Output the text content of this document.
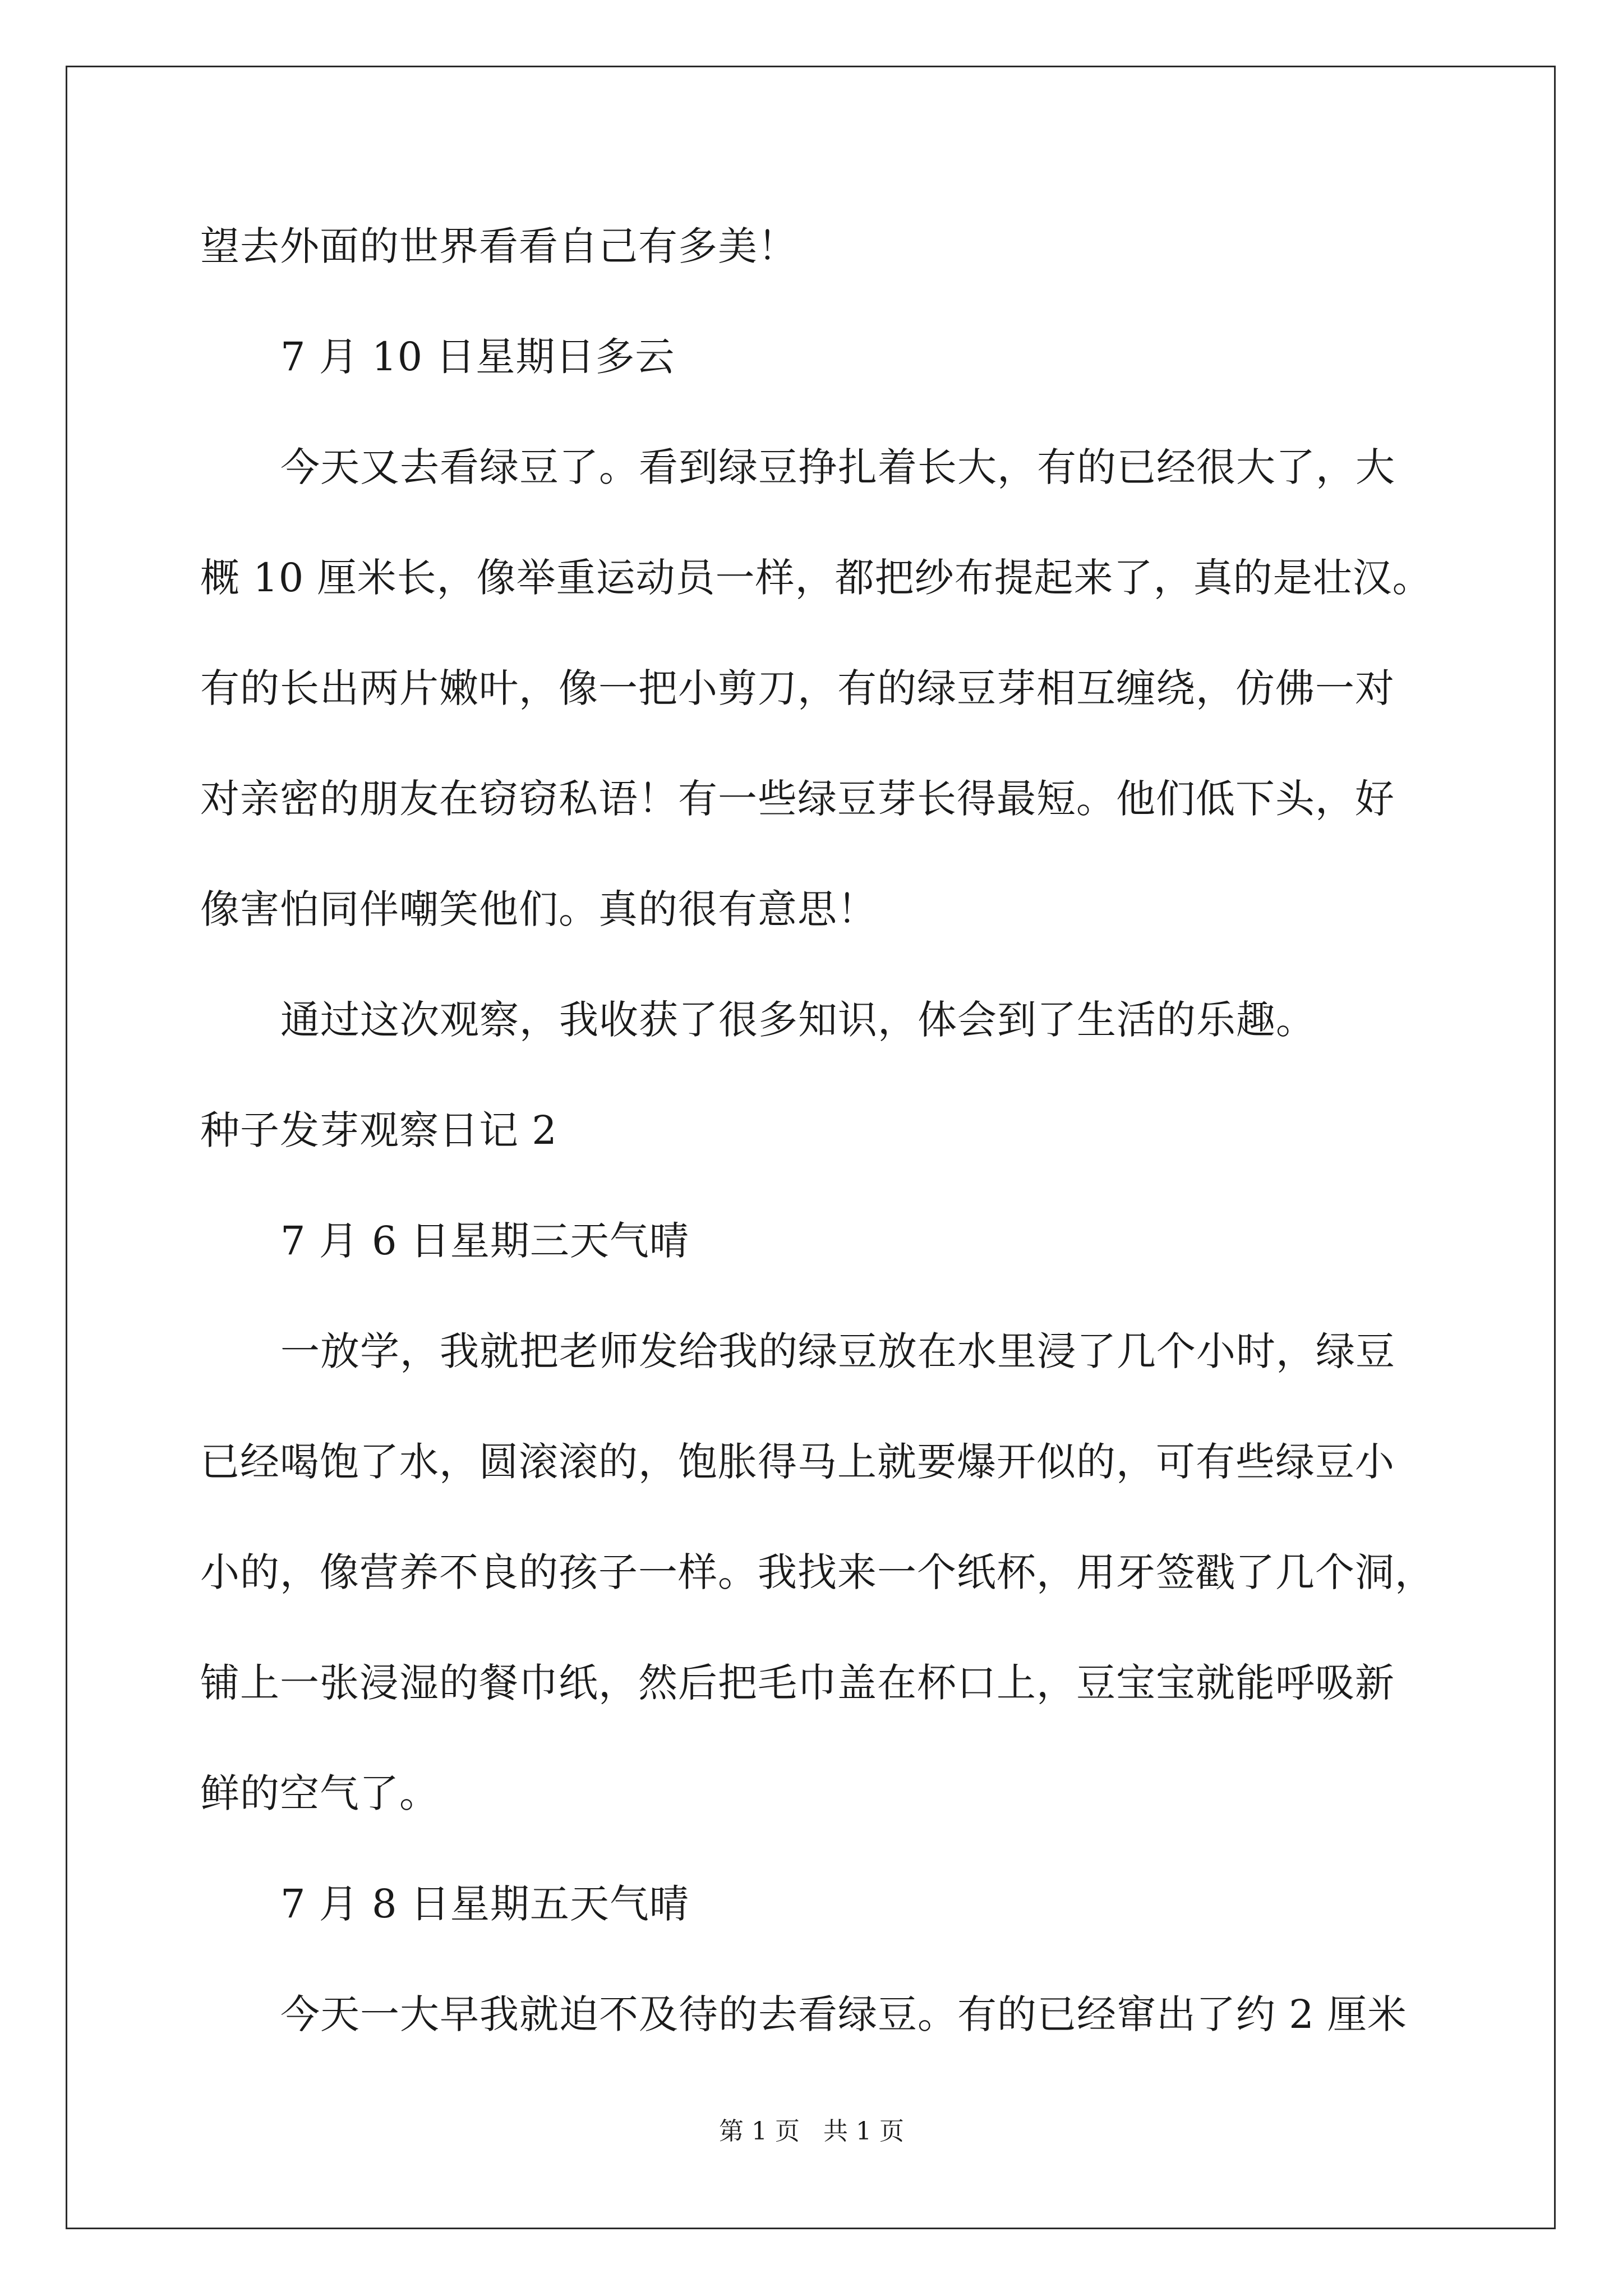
望去外面的世界看看自己有多美！
7 月 10 日星期日多云
今天又去看绿豆了。看到绿豆挣扎着长大，有的已经很大了，大
概 10 厘米长，像举重运动员一样，都把纱布提起来了，真的是壮汉。
有的长出两片嫩叶，像一把小剪刀，有的绿豆芽相互缠绕，仿佛一对
对亲密的朋友在窃窃私语！有一些绿豆芽长得最短。他们低下头，好
像害怕同伴嘲笑他们。真的很有意思！
通过这次观察，我收获了很多知识，体会到了生活的乐趣。
种子发芽观察日记 2
7 月 6 日星期三天气晴
一放学，我就把老师发给我的绿豆放在水里浸了几个小时，绿豆
已经喝饱了水，圆滚滚的，饱胀得马上就要爆开似的，可有些绿豆小
小的，像营养不良的孩子一样。我找来一个纸杯，用牙签戳了几个洞，
铺上一张浸湿的餐巾纸，然后把毛巾盖在杯口上，豆宝宝就能呼吸新
鲜的空气了。
7 月 8 日星期五天气晴
今天一大早我就迫不及待的去看绿豆。有的已经窜出了约 2 厘米
第 1 页 共 1 页
